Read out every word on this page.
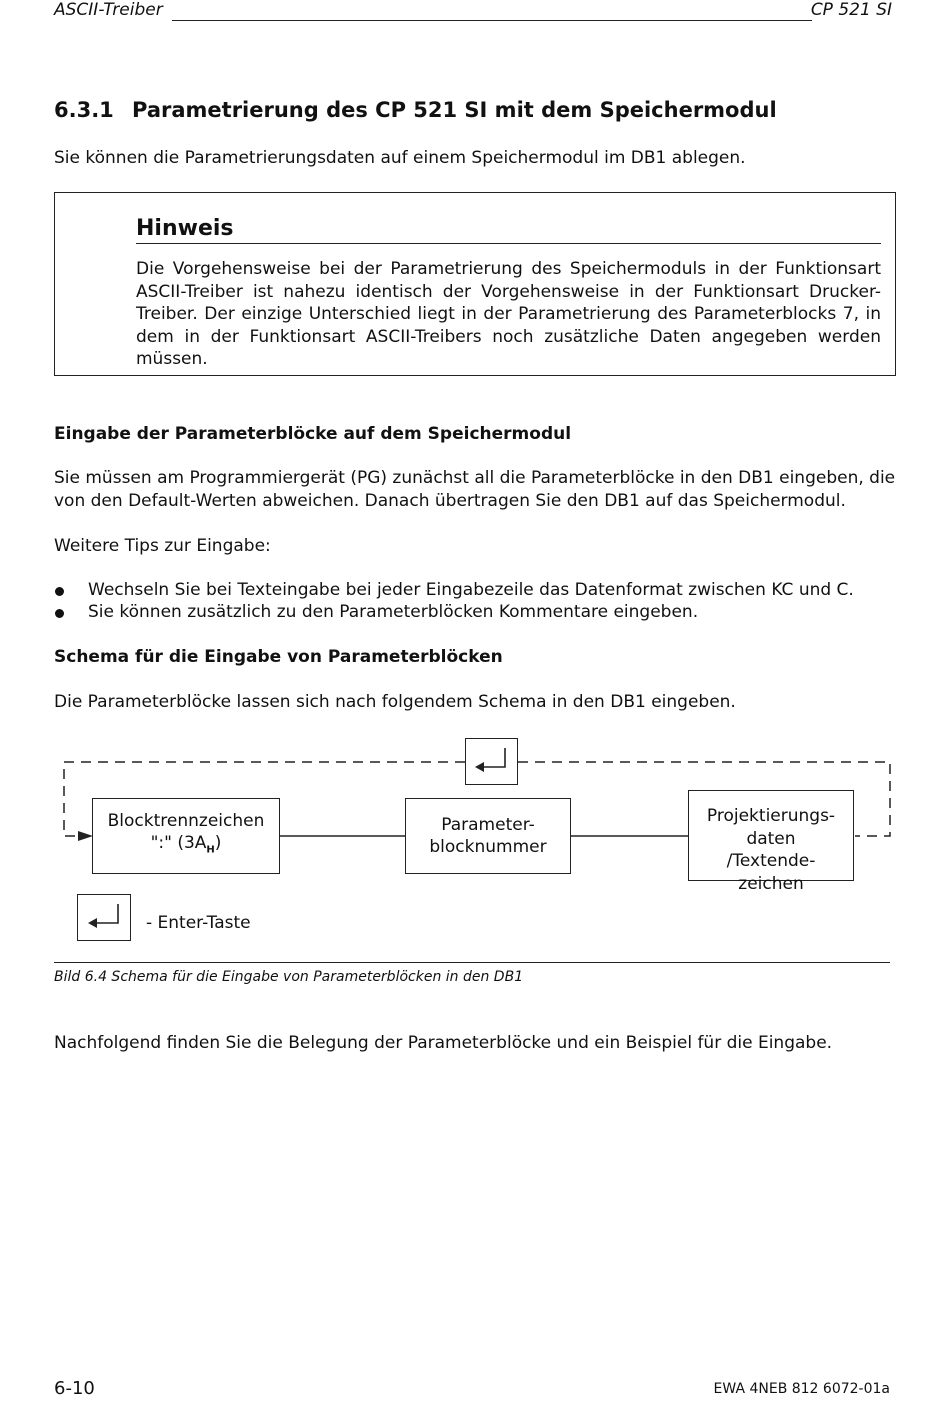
ASCII-Treiber	CP 521 SI
6.3.1 Parametrierung des CP 521 SI mit dem Speichermodul
Sie können die Parametrierungsdaten auf einem Speichermodul im DB1 ablegen.
Hinweis
Die Vorgehensweise bei der Parametrierung des Speichermoduls in der Funktionsart ASCII-Treiber ist nahezu identisch der Vorgehensweise in der Funktionsart Drucker-Treiber. Der einzige Unterschied liegt in der Parametrierung des Parameterblocks 7, in dem in der Funktionsart ASCII-Treibers noch zusätzliche Daten angegeben werden müssen.
Eingabe der Parameterblöcke auf dem Speichermodul
Sie müssen am Programmiergerät (PG) zunächst all die Parameterblöcke in den DB1 eingeben, die von den Default-Werten abweichen. Danach übertragen Sie den DB1 auf das Speichermodul.
Weitere Tips zur Eingabe:
Wechseln Sie bei Texteingabe bei jeder Eingabezeile das Datenformat zwischen KC und C.
Sie können zusätzlich zu den Parameterblöcken Kommentare eingeben.
Schema für die Eingabe von Parameterblöcken
Die Parameterblöcke lassen sich nach folgendem Schema in den DB1 eingeben.
Blocktrennzeichen
":" $(3A_H)$
Parameter-
blocknummer
Projektierungs-
daten
/Textende-
zeichen
- Enter-Taste
Bild 6.4 Schema für die Eingabe von Parameterblöcken in den DB1
Nachfolgend finden Sie die Belegung der Parameterblöcke und ein Beispiel für die Eingabe.
6-10	EWA 4NEB 812 6072-01a
